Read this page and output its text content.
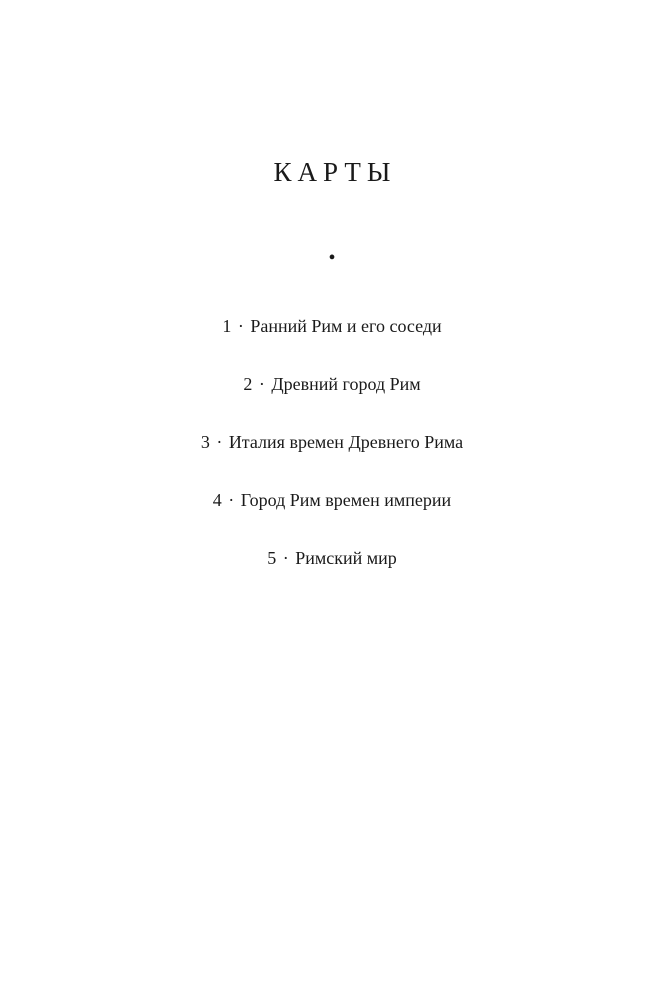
КАРТЫ
•
1 · Ранний Рим и его соседи
2 · Древний город Рим
3 · Италия времен Древнего Рима
4 · Город Рим времен империи
5 · Римский мир
